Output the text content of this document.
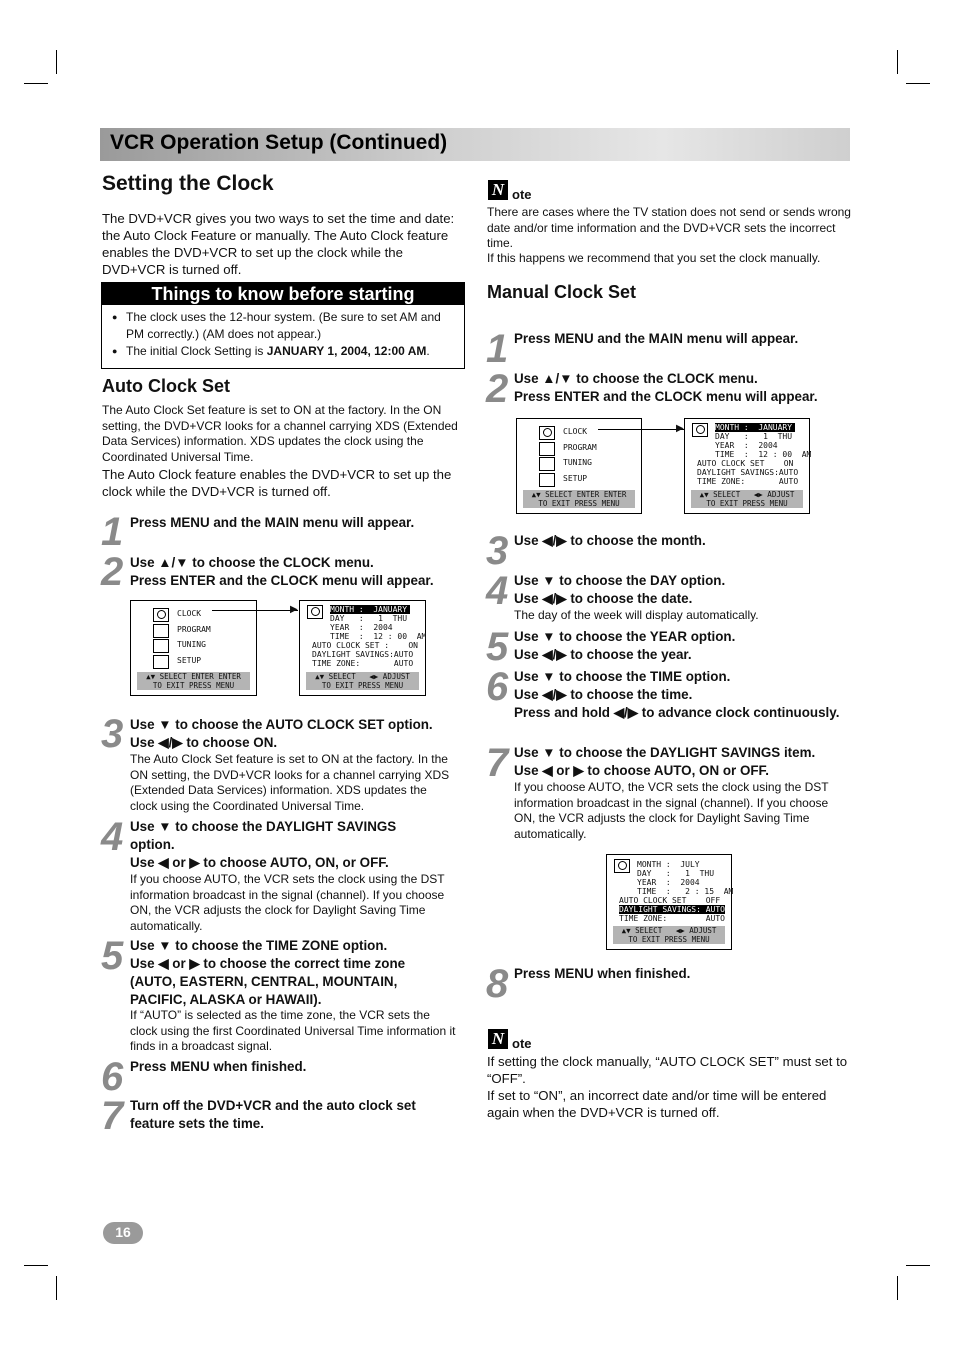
VCR Operation Setup (Continued)
Setting the Clock
The DVD+VCR gives you two ways to set the time and date: the Auto Clock Feature or manually. The Auto Clock feature enables the DVD+VCR to set up the clock while the DVD+VCR is turned off.
Things to know before starting
● The clock uses the 12-hour system. (Be sure to set AM and PM correctly.) (AM does not appear.)
● The initial Clock Setting is JANUARY 1, 2004, 12:00 AM.
Auto Clock Set
The Auto Clock Set feature is set to ON at the factory. In the ON setting, the DVD+VCR looks for a channel carrying XDS (Extended Data Services) information. XDS updates the clock using the Coordinated Universal Time.
The Auto Clock feature enables the DVD+VCR to set up the clock while the DVD+VCR is turned off.
1 Press MENU and the MAIN menu will appear.
2 Use ▲/▼ to choose the CLOCK menu.
Press ENTER and the CLOCK menu will appear.
CLOCK
PROGRAM
TUNING
SETUP
▲▼ SELECT ENTER ENTER
TO EXIT PRESS MENU
▶	MONTH :  JANUARY
DAY   :   1  THU
YEAR  :  2004
TIME  :  12 : 00  AM
AUTO CLOCK SET :    ON
DAYLIGHT SAVINGS:AUTO
TIME ZONE:       AUTO
▲▼ SELECT   ◀▶ ADJUST
TO EXIT PRESS MENU
3 Use ▼ to choose the AUTO CLOCK SET option.
Use ◀/▶ to choose ON.
The Auto Clock Set feature is set to ON at the factory. In the ON setting, the DVD+VCR looks for a channel carrying XDS (Extended Data Services) information. XDS updates the clock using the Coordinated Universal Time.
4 Use ▼ to choose the DAYLIGHT SAVINGS option.
Use ◀ or ▶ to choose AUTO, ON, or OFF.
If you choose AUTO, the VCR sets the clock using the DST information broadcast in the signal (channel). If you choose ON, the VCR adjusts the clock for Daylight Saving Time automatically.
5 Use ▼ to choose the TIME ZONE option.
Use ◀ or ▶ to choose the correct time zone (AUTO, EASTERN, CENTRAL, MOUNTAIN, PACIFIC, ALASKA or HAWAII).
If “AUTO” is selected as the time zone, the VCR sets the clock using the first Coordinated Universal Time information it finds in a broadcast signal.
6 Press MENU when finished.
7 Turn off the DVD+VCR and the auto clock set feature sets the time.
N ote
There are cases where the TV station does not send or sends wrong date and/or time information and the DVD+VCR sets the incorrect time.
If this happens we recommend that you set the clock manually.
Manual Clock Set
1 Press MENU and the MAIN menu will appear.
2 Use ▲/▼ to choose the CLOCK menu.
Press ENTER and the CLOCK menu will appear.
CLOCK
PROGRAM
TUNING
SETUP
▲▼ SELECT ENTER ENTER
TO EXIT PRESS MENU
▶	MONTH :  JANUARY
DAY   :   1  THU
YEAR  :  2004
TIME  :  12 : 00  AM
AUTO CLOCK SET    ON
DAYLIGHT SAVINGS:AUTO
TIME ZONE:       AUTO
▲▼ SELECT   ◀▶ ADJUST
TO EXIT PRESS MENU
3 Use ◀/▶ to choose the month.
4 Use ▼ to choose the DAY option.
Use ◀/▶ to choose the date.
The day of the week will display automatically.
5 Use ▼ to choose the YEAR option.
Use ◀/▶ to choose the year.
6 Use ▼ to choose the TIME option.
Use ◀/▶ to choose the time.
Press and hold ◀/▶ to advance clock continuously.
7 Use ▼ to choose the DAYLIGHT SAVINGS item.
Use ◀ or ▶ to choose AUTO, ON or OFF.
If you choose AUTO, the VCR sets the clock using the DST information broadcast in the signal (channel). If you choose ON, the VCR adjusts the clock for Daylight Saving Time automatically.
MONTH :  JULY
DAY   :   1  THU
YEAR  :  2004
TIME  :   2 : 15  AM
AUTO CLOCK SET    OFF
DAYLIGHT SAVINGS: AUTO
TIME ZONE:        AUTO
▲▼ SELECT   ◀▶ ADJUST
TO EXIT PRESS MENU
8 Press MENU when finished.
N ote
If setting the clock manually, “AUTO CLOCK SET” must set to “OFF”.
If set to “ON”, an incorrect date and/or time will be entered again when the DVD+VCR is turned off.
16
